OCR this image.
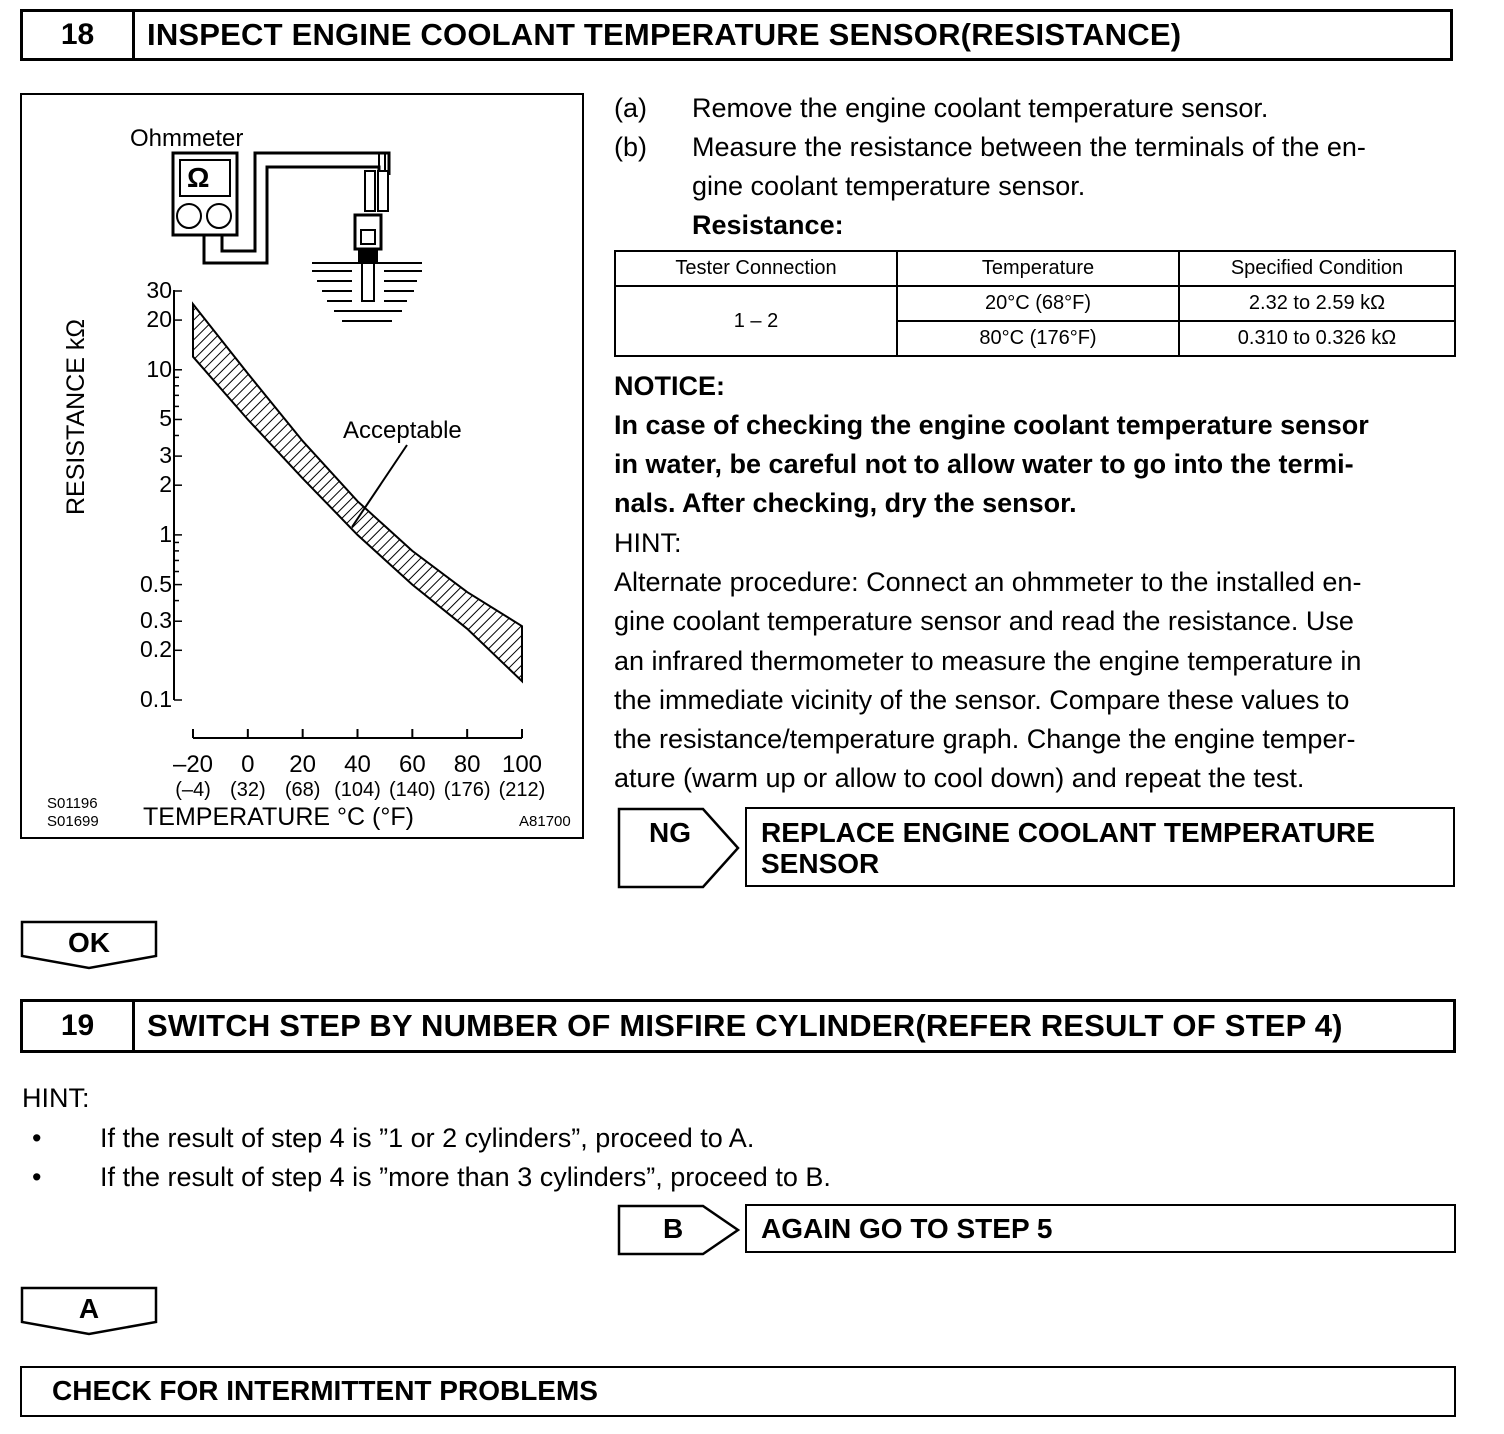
18	INSPECT ENGINE COOLANT TEMPERATURE SENSOR(RESISTANCE)
Ohmmeter
Ω
RESISTANCE kΩ	Acceptable
30
20
10
5
3
2
1
0.5
0.3
0.2
0.1
–20	0	20	40	60	80 100
(–4) (32) (68) (104) (140) (176) (212)
TEMPERATURE °C (°F)
S01196
S01699	A81700
(a) Remove the engine coolant temperature sensor.
(b) Measure the resistance between the terminals of the en-
gine coolant temperature sensor.
Resistance:
Tester Connection	Temperature	Specified Condition
1 – 2	20°C (68°F)	2.32 to 2.59 kΩ
	80°C (176°F)	0.310 to 0.326 kΩ
NOTICE:
In case of checking the engine coolant temperature sensor
in water, be careful not to allow water to go into the termi-
nals. After checking, dry the sensor.
HINT:
Alternate procedure: Connect an ohmmeter to the installed en-
gine coolant temperature sensor and read the resistance. Use
an infrared thermometer to measure the engine temperature in
the immediate vicinity of the sensor. Compare these values to
the resistance/temperature graph. Change the engine temper-
ature (warm up or allow to cool down) and repeat the test.
NG	REPLACE ENGINE COOLANT TEMPERATURE
SENSOR
OK
19	SWITCH STEP BY NUMBER OF MISFIRE CYLINDER(REFER RESULT OF STEP 4)
HINT:
• If the result of step 4 is ”1 or 2 cylinders”, proceed to A.
• If the result of step 4 is ”more than 3 cylinders”, proceed to B.
B	AGAIN GO TO STEP 5
A
CHECK FOR INTERMITTENT PROBLEMS
